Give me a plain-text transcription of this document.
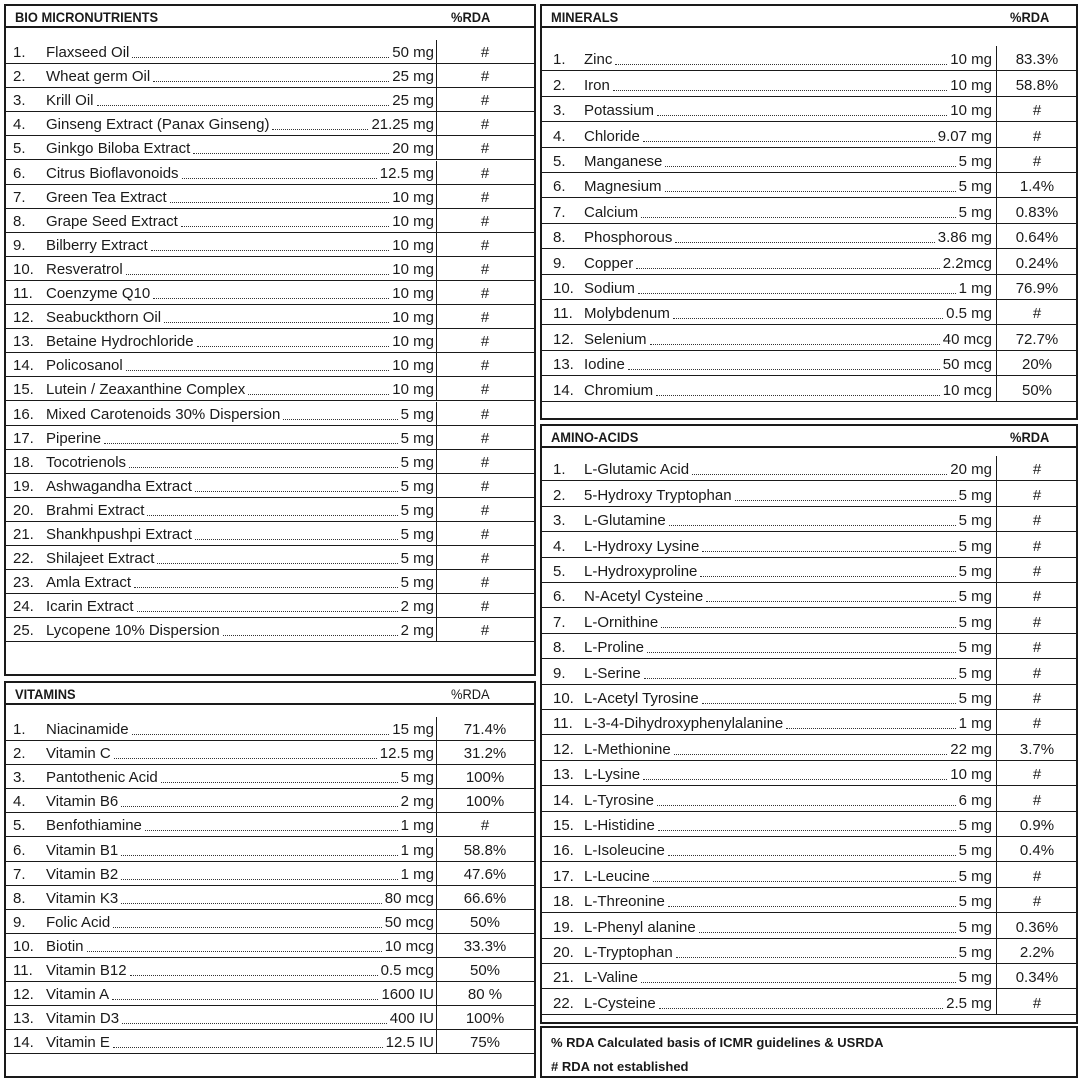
BIO MICRONUTRIENTS	%RDA
1.	Flaxseed Oil	50 mg	#
2.	Wheat germ Oil	25 mg	#
3.	Krill Oil	25 mg	#
4.	Ginseng Extract (Panax Ginseng)	21.25 mg	#
5.	Ginkgo Biloba Extract	20 mg	#
6.	Citrus Bioflavonoids	12.5 mg	#
7.	Green Tea Extract	10 mg	#
8.	Grape Seed Extract	10 mg	#
9.	Bilberry Extract	10 mg	#
10. Resveratrol	10 mg	#
11. Coenzyme Q10	10 mg	#
12. Seabuckthorn Oil	10 mg	#
13. Betaine Hydrochloride	10 mg	#
14. Policosanol	10 mg	#
15. Lutein / Zeaxanthine Complex	10 mg	#
16. Mixed Carotenoids 30% Dispersion	5 mg	#
17. Piperine	5 mg	#
18. Tocotrienols	5 mg	#
19. Ashwagandha Extract	5 mg	#
20. Brahmi Extract	5 mg	#
21. Shankhpushpi Extract	5 mg	#
22. Shilajeet Extract	5 mg	#
23. Amla Extract	5 mg	#
24. Icarin Extract	2 mg	#
25. Lycopene 10% Dispersion	2 mg	#
VITAMINS	%RDA
1.	Niacinamide	15 mg	71.4%
2.	Vitamin C	12.5 mg	31.2%
3.	Pantothenic Acid	5 mg	100%
4.	Vitamin B6	2 mg	100%
5.	Benfothiamine	1 mg	#
6.	Vitamin B1	1 mg	58.8%
7.	Vitamin B2	1 mg	47.6%
8.	Vitamin K3	80 mcg	66.6%
9.	Folic Acid	50 mcg	50%
10. Biotin	10 mcg	33.3%
11. Vitamin B12	0.5 mcg	50%
12. Vitamin A	1600 IU	80 %
13. Vitamin D3	400 IU	100%
14. Vitamin E	12.5 IU	75%
MINERALS	%RDA
1.	Zinc	10 mg	83.3%
2.	Iron	10 mg	58.8%
3.	Potassium	10 mg	#
4.	Chloride	9.07 mg	#
5.	Manganese	5 mg	#
6.	Magnesium	5 mg	1.4%
7.	Calcium	5 mg	0.83%
8.	Phosphorous	3.86 mg	0.64%
9.	Copper	2.2mcg	0.24%
10. Sodium	1 mg	76.9%
11. Molybdenum	0.5 mg	#
12. Selenium	40 mcg	72.7%
13. Iodine	50 mcg	20%
14. Chromium	10 mcg	50%
AMINO-ACIDS	%RDA
1.	L-Glutamic Acid	20 mg	#
2.	5-Hydroxy Tryptophan	5 mg	#
3.	L-Glutamine	5 mg	#
4.	L-Hydroxy Lysine	5 mg	#
5.	L-Hydroxyproline	5 mg	#
6.	N-Acetyl Cysteine	5 mg	#
7.	L-Ornithine	5 mg	#
8.	L-Proline	5 mg	#
9.	L-Serine	5 mg	#
10. L-Acetyl Tyrosine	5 mg	#
11. L-3-4-Dihydroxyphenylalanine	1 mg	#
12. L-Methionine	22 mg	3.7%
13. L-Lysine	10 mg	#
14. L-Tyrosine	6 mg	#
15. L-Histidine	5 mg	0.9%
16. L-Isoleucine	5 mg	0.4%
17. L-Leucine	5 mg	#
18. L-Threonine	5 mg	#
19. L-Phenyl alanine	5 mg	0.36%
20. L-Tryptophan	5 mg	2.2%
21. L-Valine	5 mg	0.34%
22. L-Cysteine	2.5 mg	#
% RDA Calculated basis of ICMR guidelines & USRDA
# RDA not established
